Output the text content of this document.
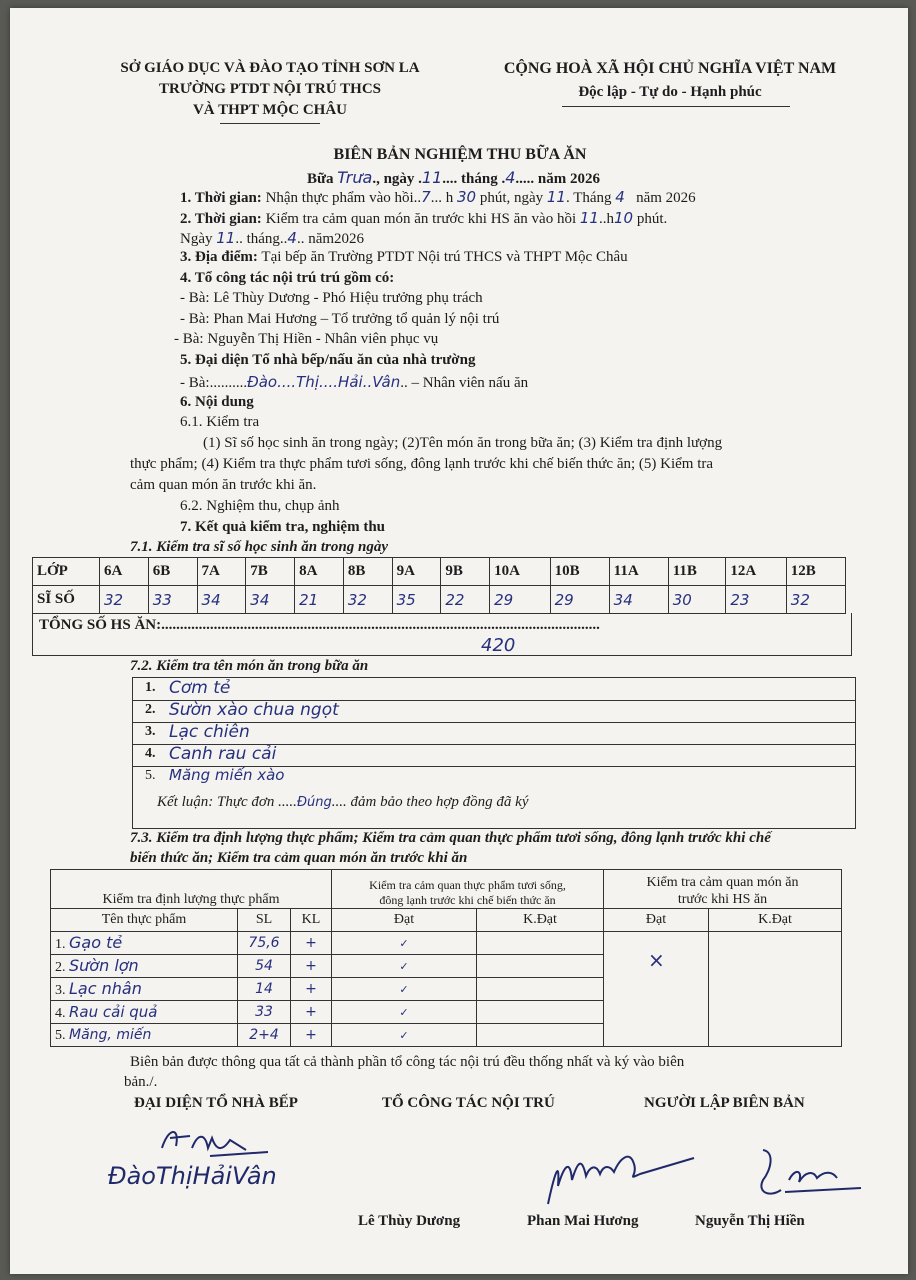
SỞ GIÁO DỤC VÀ ĐÀO TẠO TỈNH SƠN LA
TRƯỜNG PTDT NỘI TRÚ THCS
VÀ THPT MỘC CHÂU
CỘNG HOÀ XÃ HỘI CHỦ NGHĨA VIỆT NAM
Độc lập - Tự do - Hạnh phúc
BIÊN BẢN NGHIỆM THU BỮA ĂN
Bữa Trưa., ngày .11.... tháng .4..... năm 2026
1. Thời gian: Nhận thực phẩm vào hồi..7... h 30 phút, ngày 11. Tháng 4 năm 2026
2. Thời gian: Kiểm tra cảm quan món ăn trước khi HS ăn vào hồi 11..h10 phút.
Ngày 11.. tháng..4.. năm2026
3. Địa điểm: Tại bếp ăn Trường PTDT Nội trú THCS và THPT Mộc Châu
4. Tổ công tác nội trú trú gồm có:
- Bà: Lê Thùy Dương - Phó Hiệu trưởng phụ trách
- Bà: Phan Mai Hương – Tổ trưởng tổ quản lý nội trú
- Bà: Nguyễn Thị Hiền - Nhân viên phục vụ
5. Đại diện Tổ nhà bếp/nấu ăn của nhà trường
- Bà:..........Đào....Thị....Hải..Vân.. – Nhân viên nấu ăn
6. Nội dung
6.1. Kiểm tra
(1) Sĩ số học sinh ăn trong ngày; (2)Tên món ăn trong bữa ăn; (3) Kiểm tra định lượng
thực phẩm; (4) Kiểm tra thực phẩm tươi sống, đông lạnh trước khi chế biến thức ăn; (5) Kiểm tra
cảm quan món ăn trước khi ăn.
6.2. Nghiệm thu, chụp ảnh
7. Kết quả kiểm tra, nghiệm thu
7.1. Kiểm tra sĩ số học sinh ăn trong ngày
LỚP	6A	6B	7A	7B	8A	8B	9A	9B	10A	10B	11A	11B	12A	12B
SĨ SỐ	32	33	34	34	21	32	35	22	29	29	34	30	23	32
TỔNG SỐ HS ĂN:.....................................................................................................................
420
7.2. Kiểm tra tên món ăn trong bữa ăn
1. Cơm tẻ
2. Sườn xào chua ngọt
3. Lạc chiên
4. Canh rau cải
5. Măng miến xào
Kết luận: Thực đơn .....Đúng.... đảm bảo theo hợp đồng đã ký
7.3. Kiểm tra định lượng thực phẩm; Kiểm tra cảm quan thực phẩm tươi sống, đông lạnh trước khi chế
biến thức ăn; Kiểm tra cảm quan món ăn trước khi ăn
Kiểm tra định lượng thực phẩm			Kiểm tra cảm quan thực phẩm tươi sống,
đông lạnh trước khi chế biến thức ăn		Kiểm tra cảm quan món ăn
trước khi HS ăn	
Tên thực phẩm	SL	KL	Đạt	K.Đạt	Đạt	K.Đạt
1. Gạo tẻ	75,6	+	✓		×	
2. Sườn lợn	54	+	✓			
3. Lạc nhân	14	+	✓			
4. Rau cải quả	33	+	✓			
5. Măng, miến	2+4	+	✓			
Biên bản được thông qua tất cả thành phần tổ công tác nội trú đều thống nhất và ký vào biên
bản./.
ĐẠI DIỆN TỔ NHÀ BẾP	TỔ CÔNG TÁC NỘI TRÚ	NGƯỜI LẬP BIÊN BẢN
ĐàoThịHảiVân
Lê Thùy Dương	Phan Mai Hương	Nguyễn Thị Hiền
